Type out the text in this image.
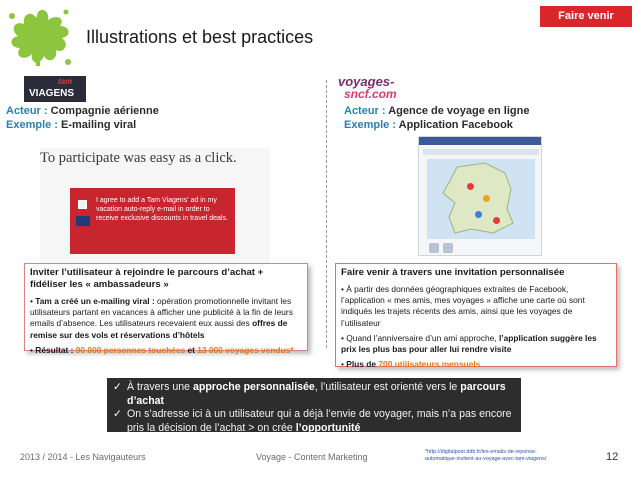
Faire venir
Illustrations et best practices
tam
VIAGENS
Acteur : Compagnie aérienne
Exemple : E-mailing viral
To participate was easy as a click.
I agree to add a Tam Viagens' ad in my vacation auto-reply e-mail in order to receive exclusive discounts in travel deals.
Inviter l’utilisateur à rejoindre le parcours d’achat + fidéliser les « ambassadeurs »

• Tam a créé un e-mailing viral : opération promotionnelle invitant les utilisateurs partant en vacances à afficher une publicité à la fin de leurs emails d’absence. Les utilisateurs recevaient eux aussi des offres de remise sur des vols et réservations d’hôtels

• Résultat : 90 000 personnes touchées et 13 000 voyages vendus*

voyages-
sncf.com
Acteur : Agence de voyage en ligne
Exemple : Application Facebook
Faire venir à travers une invitation personnalisée

• À partir des données géographiques extraites de Facebook, l’application « mes amis, mes voyages » affiche une carte où sont indiqués les trajets récents des amis, ainsi que les voyages de l’utilisateur

• Quand l’anniversaire d’un ami approche, l’application suggère les prix les plus bas pour aller lui rendre visite

• Plus de 700 utilisateurs mensuels

✓ À travers une approche personnalisée, l’utilisateur est orienté vers le parcours d’achat
✓ On s’adresse ici à un utilisateur qui a déjà l’envie de voyager, mais n’a pas encore pris la décision de l’achat > on crée l’opportunité
2013 / 2014 - Les Navigauteurs	Voyage - Content Marketing	*http://digitalpost.ddb.fr/les-emails-de-reponse-automatique-invitent-au-voyage-avec-tam-viagens/	12
